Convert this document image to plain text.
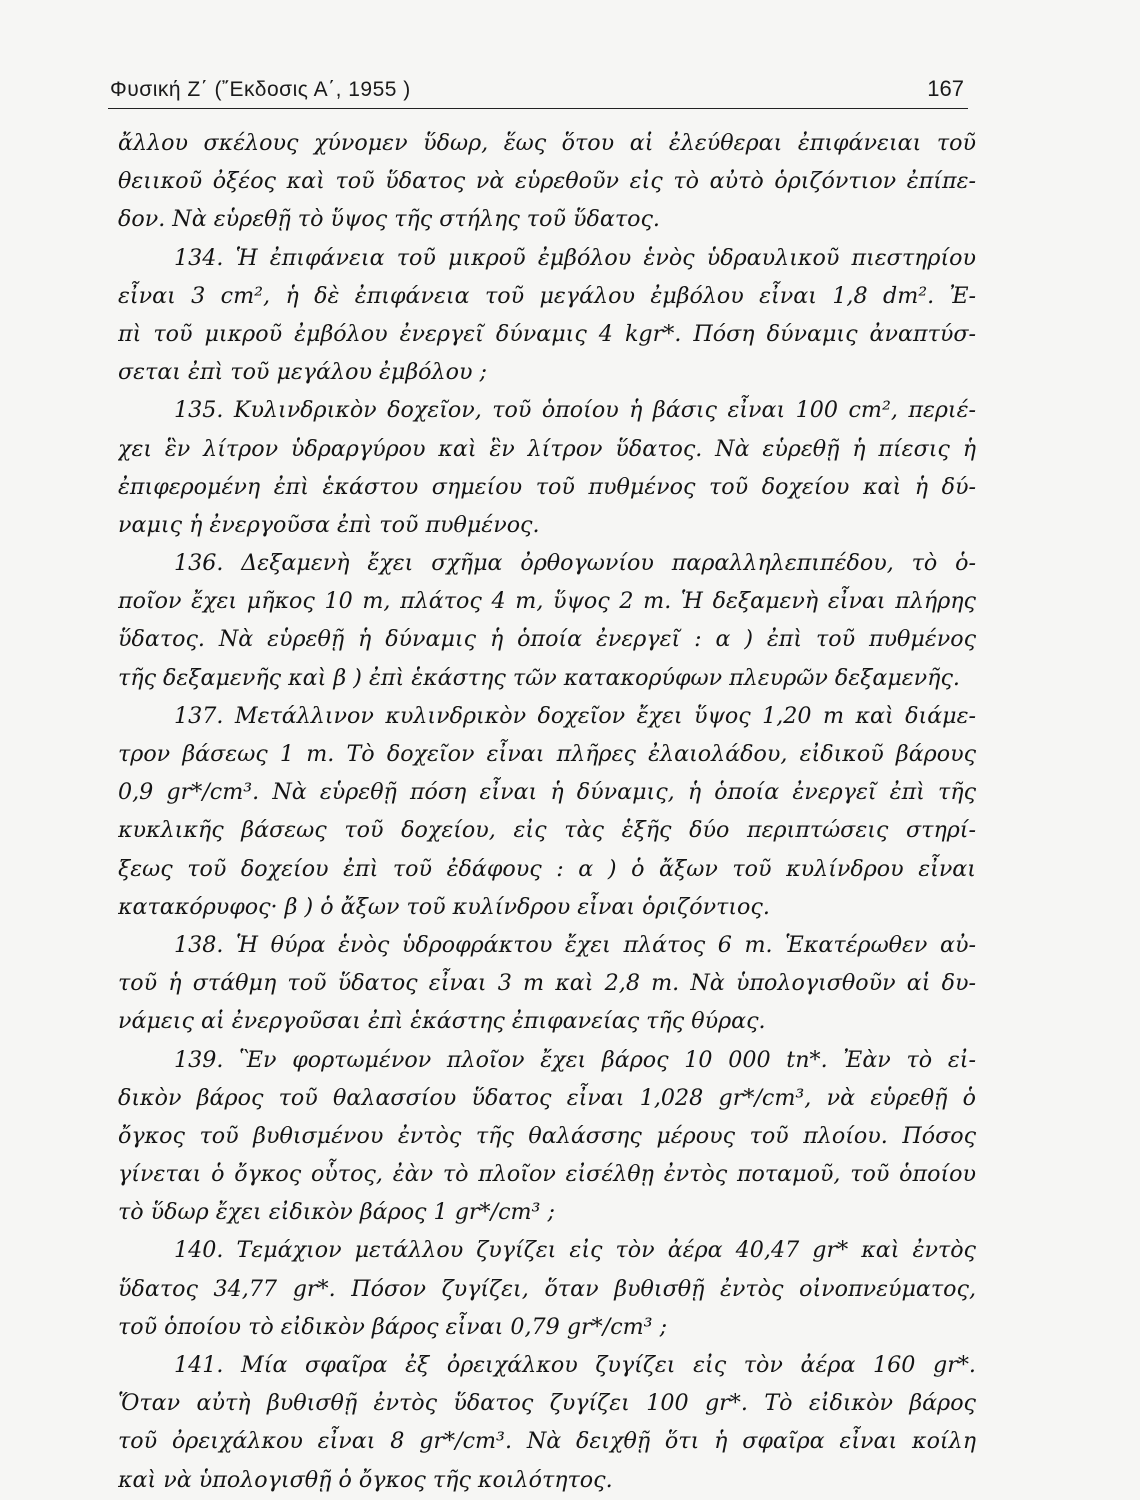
Φυσική Ζ΄ (῎Εκδοσις Α΄, 1955 )	167
ἄλλου σκέλους χύνομεν ὕδωρ, ἕως ὅτου αἱ ἐλεύθεραι ἐπιφάνειαι τοῦ
θειικοῦ ὀξέος καὶ τοῦ ὕδατος νὰ εὑρεθοῦν εἰς τὸ αὐτὸ ὁριζόντιον ἐπίπε-
δον. Νὰ εὑρεθῇ τὸ ὕψος τῆς στήλης τοῦ ὕδατος.
134. Ἡ ἐπιφάνεια τοῦ μικροῦ ἐμβόλου ἑνὸς ὑδραυλικοῦ πιεστηρίου
εἶναι 3 cm², ἡ δὲ ἐπιφάνεια τοῦ μεγάλου ἐμβόλου εἶναι 1,8 dm². Ἐ-
πὶ τοῦ μικροῦ ἐμβόλου ἐνεργεῖ δύναμις 4 kgr*. Πόση δύναμις ἀναπτύσ-
σεται ἐπὶ τοῦ μεγάλου ἐμβόλου ;
135. Κυλινδρικὸν δοχεῖον, τοῦ ὁποίου ἡ βάσις εἶναι 100 cm², περιέ-
χει ἓν λίτρον ὑδραργύρου καὶ ἓν λίτρον ὕδατος. Νὰ εὑρεθῇ ἡ πίεσις ἡ
ἐπιφερομένη ἐπὶ ἑκάστου σημείου τοῦ πυθμένος τοῦ δοχείου καὶ ἡ δύ-
ναμις ἡ ἐνεργοῦσα ἐπὶ τοῦ πυθμένος.
136. Δεξαμενὴ ἔχει σχῆμα ὀρθογωνίου παραλληλεπιπέδου, τὸ ὁ-
ποῖον ἔχει μῆκος 10 m, πλάτος 4 m, ὕψος 2 m. Ἡ δεξαμενὴ εἶναι πλήρης
ὕδατος. Νὰ εὑρεθῇ ἡ δύναμις ἡ ὁποία ἐνεργεῖ : α ) ἐπὶ τοῦ πυθμένος
τῆς δεξαμενῆς καὶ β ) ἐπὶ ἑκάστης τῶν κατακορύφων πλευρῶν δεξαμενῆς.
137. Μετάλλινον κυλινδρικὸν δοχεῖον ἔχει ὕψος 1,20 m καὶ διάμε-
τρον βάσεως 1 m. Τὸ δοχεῖον εἶναι πλῆρες ἐλαιολάδου, εἰδικοῦ βάρους
0,9 gr*/cm³. Νὰ εὑρεθῇ πόση εἶναι ἡ δύναμις, ἡ ὁποία ἐνεργεῖ ἐπὶ τῆς
κυκλικῆς βάσεως τοῦ δοχείου, εἰς τὰς ἑξῆς δύο περιπτώσεις στηρί-
ξεως τοῦ δοχείου ἐπὶ τοῦ ἐδάφους : α ) ὁ ἄξων τοῦ κυλίνδρου εἶναι
κατακόρυφος· β ) ὁ ἄξων τοῦ κυλίνδρου εἶναι ὁριζόντιος.
138. Ἡ θύρα ἑνὸς ὑδροφράκτου ἔχει πλάτος 6 m. Ἑκατέρωθεν αὐ-
τοῦ ἡ στάθμη τοῦ ὕδατος εἶναι 3 m καὶ 2,8 m. Νὰ ὑπολογισθοῦν αἱ δυ-
νάμεις αἱ ἐνεργοῦσαι ἐπὶ ἑκάστης ἐπιφανείας τῆς θύρας.
139. Ἓν φορτωμένον πλοῖον ἔχει βάρος 10 000 tn*. Ἐὰν τὸ εἰ-
δικὸν βάρος τοῦ θαλασσίου ὕδατος εἶναι 1,028 gr*/cm³, νὰ εὑρεθῇ ὁ
ὄγκος τοῦ βυθισμένου ἐντὸς τῆς θαλάσσης μέρους τοῦ πλοίου. Πόσος
γίνεται ὁ ὄγκος οὗτος, ἐὰν τὸ πλοῖον εἰσέλθῃ ἐντὸς ποταμοῦ, τοῦ ὁποίου
τὸ ὕδωρ ἔχει εἰδικὸν βάρος 1 gr*/cm³ ;
140. Τεμάχιον μετάλλου ζυγίζει εἰς τὸν ἀέρα 40,47 gr* καὶ ἐντὸς
ὕδατος 34,77 gr*. Πόσον ζυγίζει, ὅταν βυθισθῇ ἐντὸς οἰνοπνεύματος,
τοῦ ὁποίου τὸ εἰδικὸν βάρος εἶναι 0,79 gr*/cm³ ;
141. Μία σφαῖρα ἐξ ὀρειχάλκου ζυγίζει εἰς τὸν ἀέρα 160 gr*.
Ὅταν αὐτὴ βυθισθῇ ἐντὸς ὕδατος ζυγίζει 100 gr*. Τὸ εἰδικὸν βάρος
τοῦ ὀρειχάλκου εἶναι 8 gr*/cm³. Νὰ δειχθῇ ὅτι ἡ σφαῖρα εἶναι κοίλη
καὶ νὰ ὑπολογισθῇ ὁ ὄγκος τῆς κοιλότητος.
